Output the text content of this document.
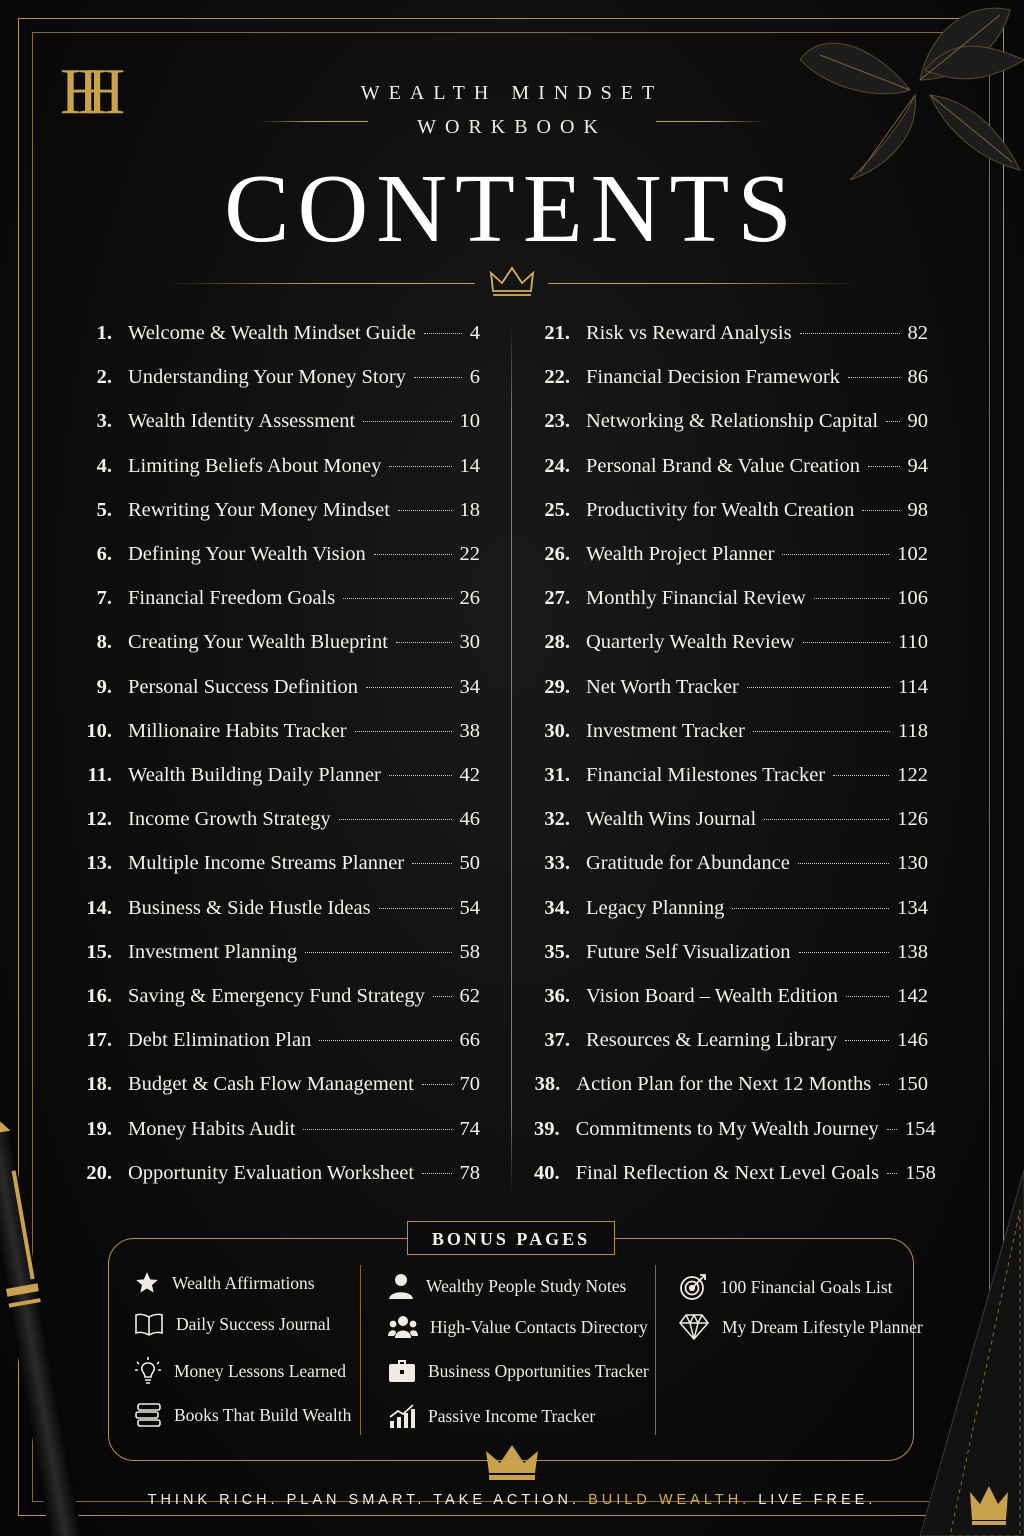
HH	WEALTH MINDSET
WORKBOOK
CONTENTS
1. Welcome & Wealth Mindset Guide	4
2. Understanding Your Money Story	6
3. Wealth Identity Assessment	10
4. Limiting Beliefs About Money	14
5. Rewriting Your Money Mindset	18
6. Defining Your Wealth Vision	22
7. Financial Freedom Goals	26
8. Creating Your Wealth Blueprint	30
9. Personal Success Definition	34
10. Millionaire Habits Tracker	38
11. Wealth Building Daily Planner	42
12. Income Growth Strategy	46
13. Multiple Income Streams Planner	50
14. Business & Side Hustle Ideas	54
15. Investment Planning	58
16. Saving & Emergency Fund Strategy 62
17. Debt Elimination Plan	66
18. Budget & Cash Flow Management 70
19. Money Habits Audit	74
20. Opportunity Evaluation Worksheet 78
21. Risk vs Reward Analysis	82
22. Financial Decision Framework	86
23. Networking & Relationship Capital 90
24. Personal Brand & Value Creation 94
25. Productivity for Wealth Creation	98
26. Wealth Project Planner	102
27. Monthly Financial Review	106
28. Quarterly Wealth Review	110
29. Net Worth Tracker	114
30. Investment Tracker	118
31. Financial Milestones Tracker	122
32. Wealth Wins Journal	126
33. Gratitude for Abundance	130
34. Legacy Planning	134
35. Future Self Visualization	138
36. Vision Board – Wealth Edition	142
37. Resources & Learning Library	146
38. Action Plan for the Next 12 Months 150
39. Commitments to My Wealth Journey 154
40. Final Reflection & Next Level Goals 158
BONUS PAGES
Wealth Affirmations
Daily Success Journal
Money Lessons Learned
Books That Build Wealth
Wealthy People Study Notes
High-Value Contacts Directory
Business Opportunities Tracker
Passive Income Tracker
100 Financial Goals List
My Dream Lifestyle Planner
THINK RICH. PLAN SMART. TAKE ACTION. BUILD WEALTH. LIVE FREE.
